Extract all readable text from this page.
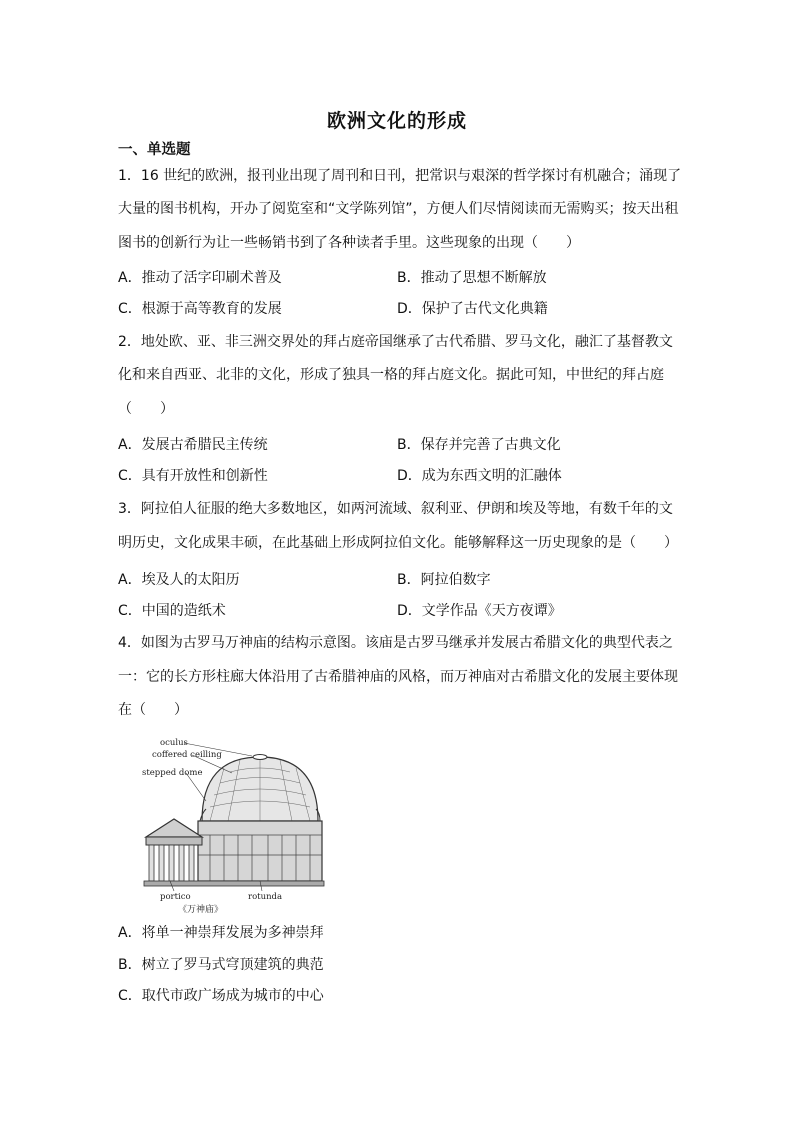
欧洲文化的形成
一、单选题
1．16 世纪的欧洲，报刊业出现了周刊和日刊，把常识与艰深的哲学探讨有机融合；涌现了
大量的图书机构，开办了阅览室和“文学陈列馆”，方便人们尽情阅读而无需购买；按天出租
图书的创新行为让一些畅销书到了各种读者手里。这些现象的出现（　　）
A．推动了活字印刷术普及	B．推动了思想不断解放
C．根源于高等教育的发展	D．保护了古代文化典籍
2．地处欧、亚、非三洲交界处的拜占庭帝国继承了古代希腊、罗马文化，融汇了基督教文
化和来自西亚、北非的文化，形成了独具一格的拜占庭文化。据此可知，中世纪的拜占庭
（　　）
A．发展古希腊民主传统	B．保存并完善了古典文化
C．具有开放性和创新性	D．成为东西文明的汇融体
3．阿拉伯人征服的绝大多数地区，如两河流域、叙利亚、伊朗和埃及等地，有数千年的文
明历史，文化成果丰硕，在此基础上形成阿拉伯文化。能够解释这一历史现象的是（　　）
A．埃及人的太阳历	B．阿拉伯数字
C．中国的造纸术	D．文学作品《天方夜谭》
4．如图为古罗马万神庙的结构示意图。该庙是古罗马继承并发展古希腊文化的典型代表之
一：它的长方形柱廊大体沿用了古希腊神庙的风格，而万神庙对古希腊文化的发展主要体现
在（　　）
oculus
coffered ceilling
stepped dome
portico	rotunda
《万神庙》
A．将单一神崇拜发展为多神崇拜
B．树立了罗马式穹顶建筑的典范
C．取代市政广场成为城市的中心
